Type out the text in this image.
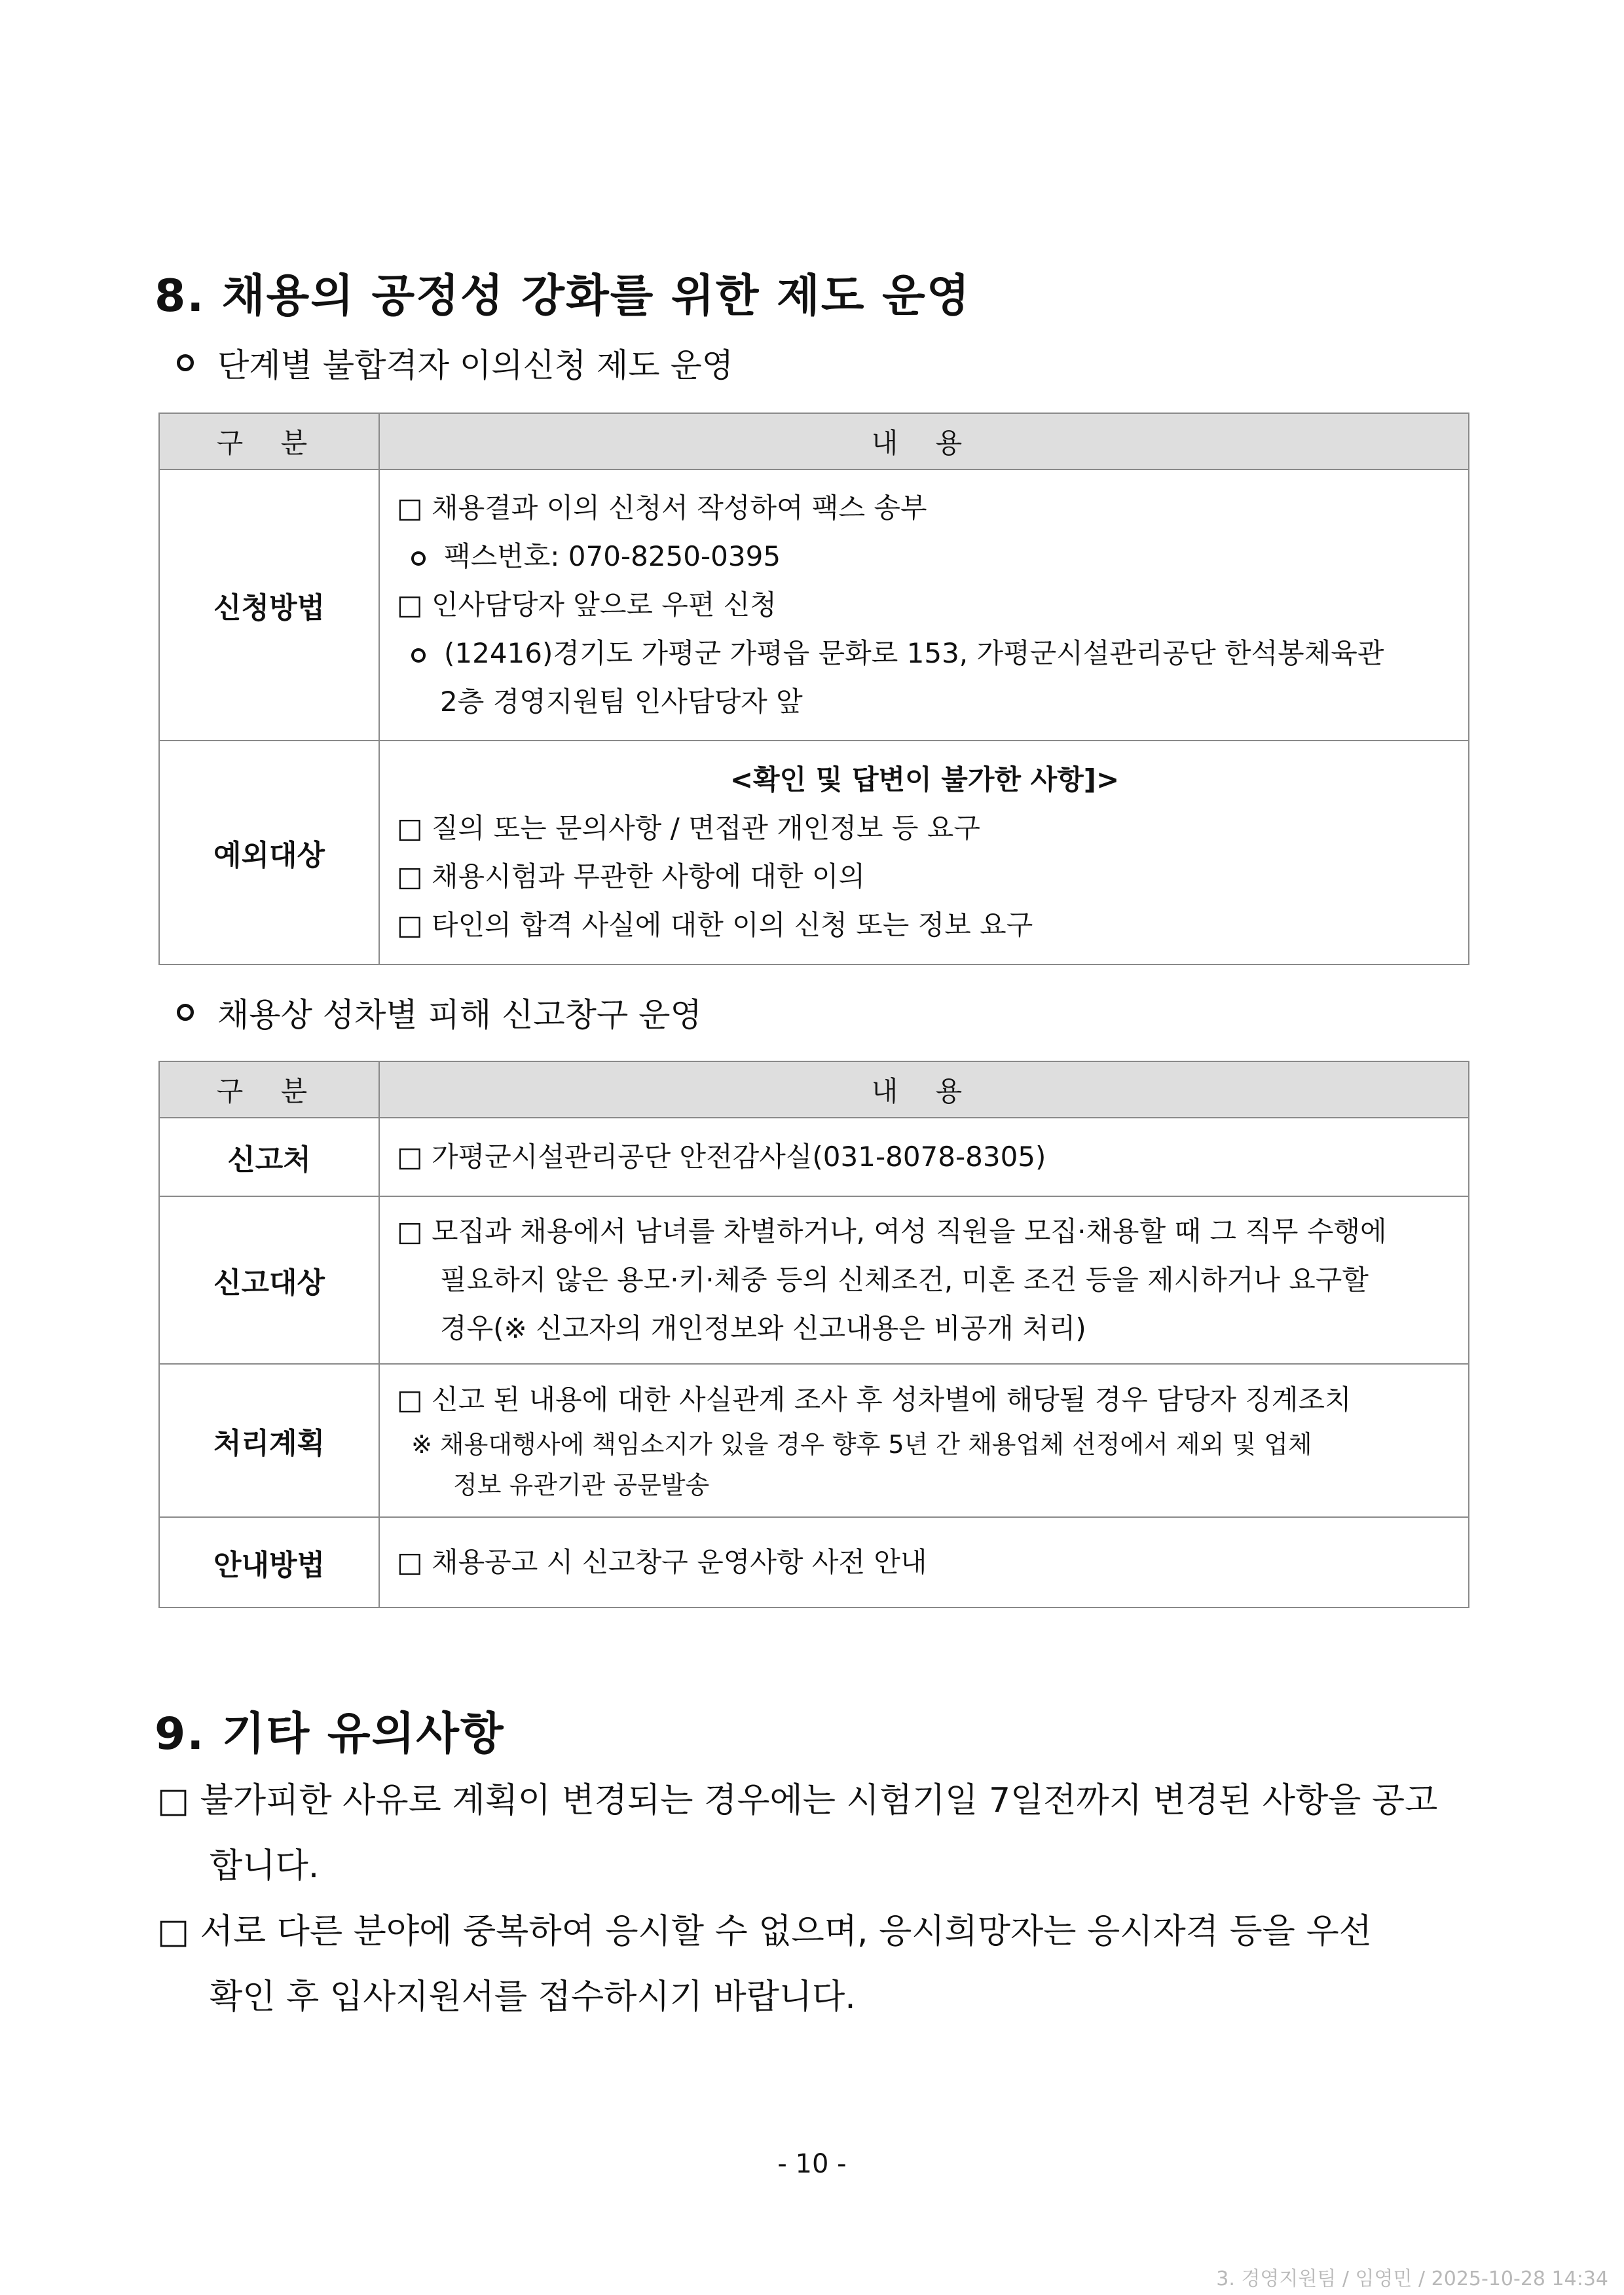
8. 채용의 공정성 강화를 위한 제도 운영
단계별 불합격자 이의신청 제도 운영
구 분	내 용
신청방법	□ 채용결과 이의 신청서 작성하여 팩스 송부
팩스번호: 070-8250-0395
□ 인사담당자 앞으로 우편 신청
(12416)경기도 가평군 가평읍 문화로 153, 가평군시설관리공단 한석봉체육관
2층 경영지원팀 인사담당자 앞

예외대상	<확인 및 답변이 불가한 사항]>
□ 질의 또는 문의사항 / 면접관 개인정보 등 요구
□ 채용시험과 무관한 사항에 대한 이의
□ 타인의 합격 사실에 대한 이의 신청 또는 정보 요구
채용상 성차별 피해 신고창구 운영
구 분	내 용
신고처	□ 가평군시설관리공단 안전감사실(031-8078-8305)

신고대상	□ 모집과 채용에서 남녀를 차별하거나, 여성 직원을 모집·채용할 때 그 직무 수행에
필요하지 않은 용모·키·체중 등의 신체조건, 미혼 조건 등을 제시하거나 요구할
경우(※ 신고자의 개인정보와 신고내용은 비공개 처리)

처리계획	□ 신고 된 내용에 대한 사실관계 조사 후 성차별에 해당될 경우 담당자 징계조치
※ 채용대행사에 책임소지가 있을 경우 향후 5년 간 채용업체 선정에서 제외 및 업체
정보 유관기관 공문발송

안내방법	□ 채용공고 시 신고창구 운영사항 사전 안내
9. 기타 유의사항
□ 불가피한 사유로 계획이 변경되는 경우에는 시험기일 7일전까지 변경된 사항을 공고
합니다.
□ 서로 다른 분야에 중복하여 응시할 수 없으며, 응시희망자는 응시자격 등을 우선
확인 후 입사지원서를 접수하시기 바랍니다.
- 10 -
3. 경영지원팀 / 임영민 / 2025-10-28 14:34
